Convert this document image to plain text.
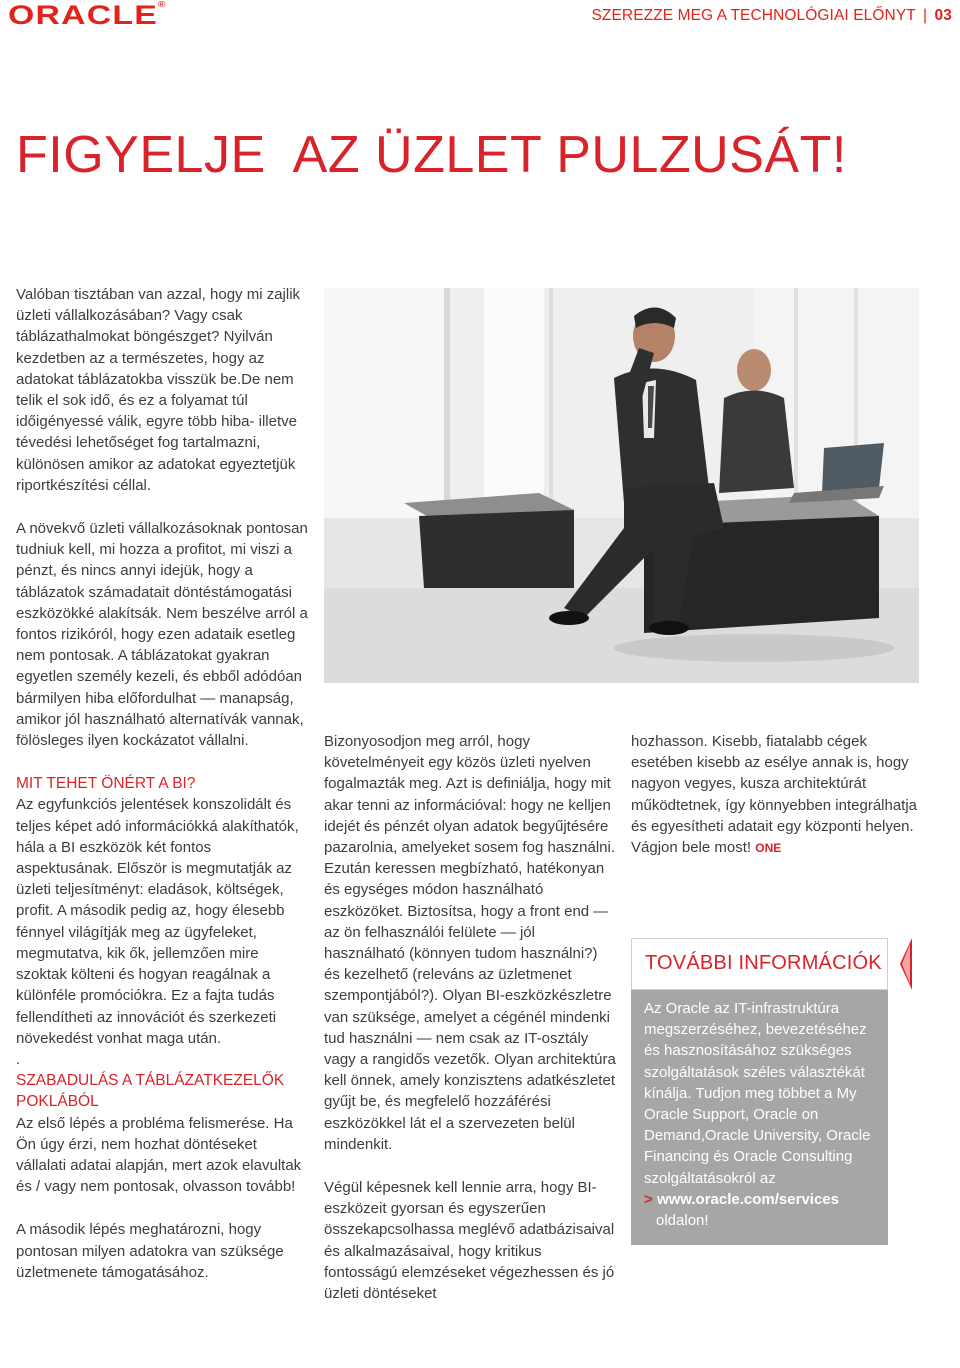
ORACLE®
SZEREZZE MEG A TECHNOLÓGIAI ELŐNYT | 03
FIGYELJE  AZ ÜZLET PULZUSÁT!

Valóban tisztában van azzal, hogy mi zajlik üzleti vállalkozásában? Vagy csak táblázathalmokat böngészget? Nyilván kezdetben az a természetes, hogy az adatokat táblázatokba visszük be.De nem telik el sok idő, és ez a folyamat túl időigényessé válik, egyre több hiba- illetve tévedési lehetőséget fog tartalmazni, különösen amikor az adatokat egyeztetjük riportkészítési céllal.

A növekvő üzleti vállalkozásoknak pontosan tudniuk kell, mi hozza a profitot, mi viszi a pénzt, és nincs annyi idejük, hogy a táblázatok számadatait döntéstámogatási eszközökké alakítsák. Nem beszélve arról a fontos rizikóról, hogy ezen adataik esetleg nem pontosak. A táblázatokat gyakran egyetlen személy kezeli, és ebből adódóan bármilyen hiba előfordulhat — manapság, amikor jól használható alternatívák vannak, fölösleges ilyen kockázatot vállalni.

MIT TEHET ÖNÉRT A BI?

Az egyfunkciós jelentések konszolidált és teljes képet adó információkká alakíthatók, hála a BI eszközök két fontos aspektusának. Először is megmutatják az üzleti teljesítményt: eladások, költségek, profit. A második pedig az, hogy élesebb fénnyel világítják meg az ügyfeleket, megmutatva, kik ők, jellemzően mire szoktak költeni és hogyan reagálnak a különféle promóciókra. Ez a fajta tudás fellendítheti az innovációt és szerkezeti növekedést vonhat maga után.

.

SZABADULÁS A TÁBLÁZATKEZELŐK POKLÁBÓL

Az első lépés a probléma felismerése. Ha Ön úgy érzi, nem hozhat döntéseket vállalati adatai alapján, mert azok elavultak és / vagy nem pontosak, olvasson tovább!

A második lépés meghatározni, hogy pontosan milyen adatokra van szüksége üzletmenete támogatásához.

Bizonyosodjon meg arról, hogy követelményeit egy közös üzleti nyelven fogalmazták meg. Azt is definiálja, hogy mit akar tenni az információval: hogy ne kelljen idejét és pénzét olyan adatok begyűjtésére pazarolnia, amelyeket sosem fog használni. Ezután keressen megbízható, hatékonyan és egységes módon használható eszközöket. Biztosítsa, hogy a front end — az ön felhasználói felülete — jól használható (könnyen tudom használni?) és kezelhető (releváns az üzletmenet szempontjából?). Olyan BI-eszközkészletre van szüksége, amelyet a cégénél mindenki tud használni — nem csak az IT-osztály vagy a rangidős vezetők. Olyan architektúra kell önnek, amely konzisztens adatkészletet gyűjt be, és megfelelő hozzáférési eszközökkel lát el a szervezeten belül mindenkit.

Végül képesnek kell lennie arra, hogy BI-eszközeit gyorsan és egyszerűen összekapcsolhassa meglévő adatbázisaival és alkalmazásaival, hogy kritikus fontosságú elemzéseket végezhessen és jó üzleti döntéseket

hozhasson. Kisebb, fiatalabb cégek esetében kisebb az esélye annak is, hogy nagyon vegyes, kusza architektúrát működtetnek, így könnyebben integrálhatja és egyesítheti adatait egy központi helyen. Vágjon bele most! ONE

TOVÁBBI INFORMÁCIÓK
Az Oracle az IT-infrastruktúra megszerzéséhez, bevezetéséhez és hasznosításához szükséges szolgáltatások széles választékát kínálja. Tudjon meg többet a My Oracle Support, Oracle on Demand,Oracle University, Oracle Financing és Oracle Consulting szolgáltatásokról az
> www.oracle.com/services
oldalon!
